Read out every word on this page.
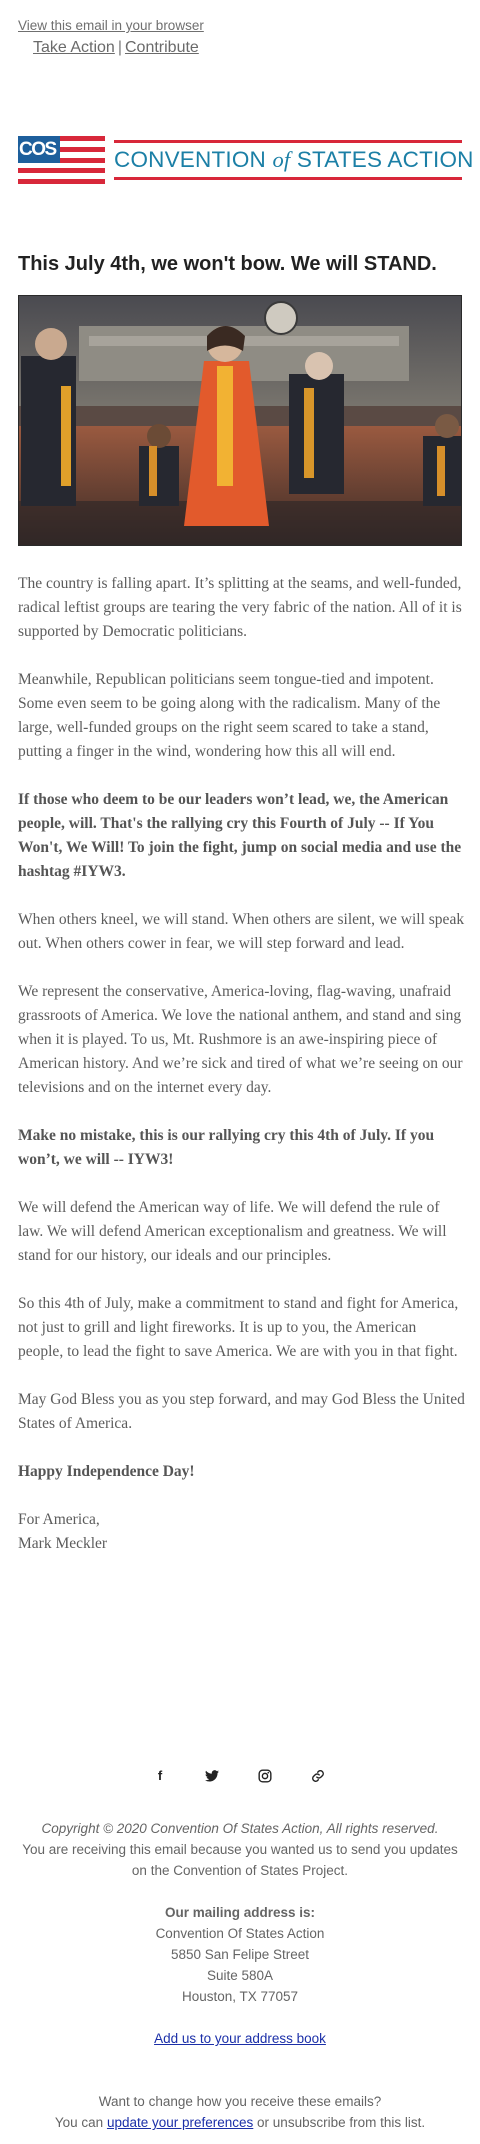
View this email in your browser
Take Action | Contribute
COS	CONVENTION of STATES ACTION
This July 4th, we won't bow. We will STAND.

The country is falling apart. It’s splitting at the seams, and well-funded, radical leftist groups are tearing the very fabric of the nation. All of it is supported by Democratic politicians.

Meanwhile, Republican politicians seem tongue-tied and impotent. Some even seem to be going along with the radicalism. Many of the large, well-funded groups on the right seem scared to take a stand, putting a finger in the wind, wondering how this all will end.

If those who deem to be our leaders won’t lead, we, the American people, will. That's the rallying cry this Fourth of July -- If You Won't, We Will! To join the fight, jump on social media and use the hashtag #IYW3.

When others kneel, we will stand. When others are silent, we will speak out. When others cower in fear, we will step forward and lead.

We represent the conservative, America-loving, flag-waving, unafraid grassroots of America. We love the national anthem, and stand and sing when it is played. To us, Mt. Rushmore is an awe-inspiring piece of American history. And we’re sick and tired of what we’re seeing on our televisions and on the internet every day.

Make no mistake, this is our rallying cry this 4th of July. If you won’t, we will -- IYW3!

We will defend the American way of life. We will defend the rule of law. We will defend American exceptionalism and greatness. We will stand for our history, our ideals and our principles.

So this 4th of July, make a commitment to stand and fight for America, not just to grill and light fireworks. It is up to you, the American people, to lead the fight to save America. We are with you in that fight.

May God Bless you as you step forward, and may God Bless the United States of America.

Happy Independence Day!

For America,
Mark Meckler

f
Copyright © 2020 Convention Of States Action, All rights reserved.
You are receiving this email because you wanted us to send you updates on the Convention of States Project.
Our mailing address is:
Convention Of States Action
5850 San Felipe Street
Suite 580A
Houston, TX 77057
Add us to your address book
Want to change how you receive these emails?
You can update your preferences or unsubscribe from this list.
